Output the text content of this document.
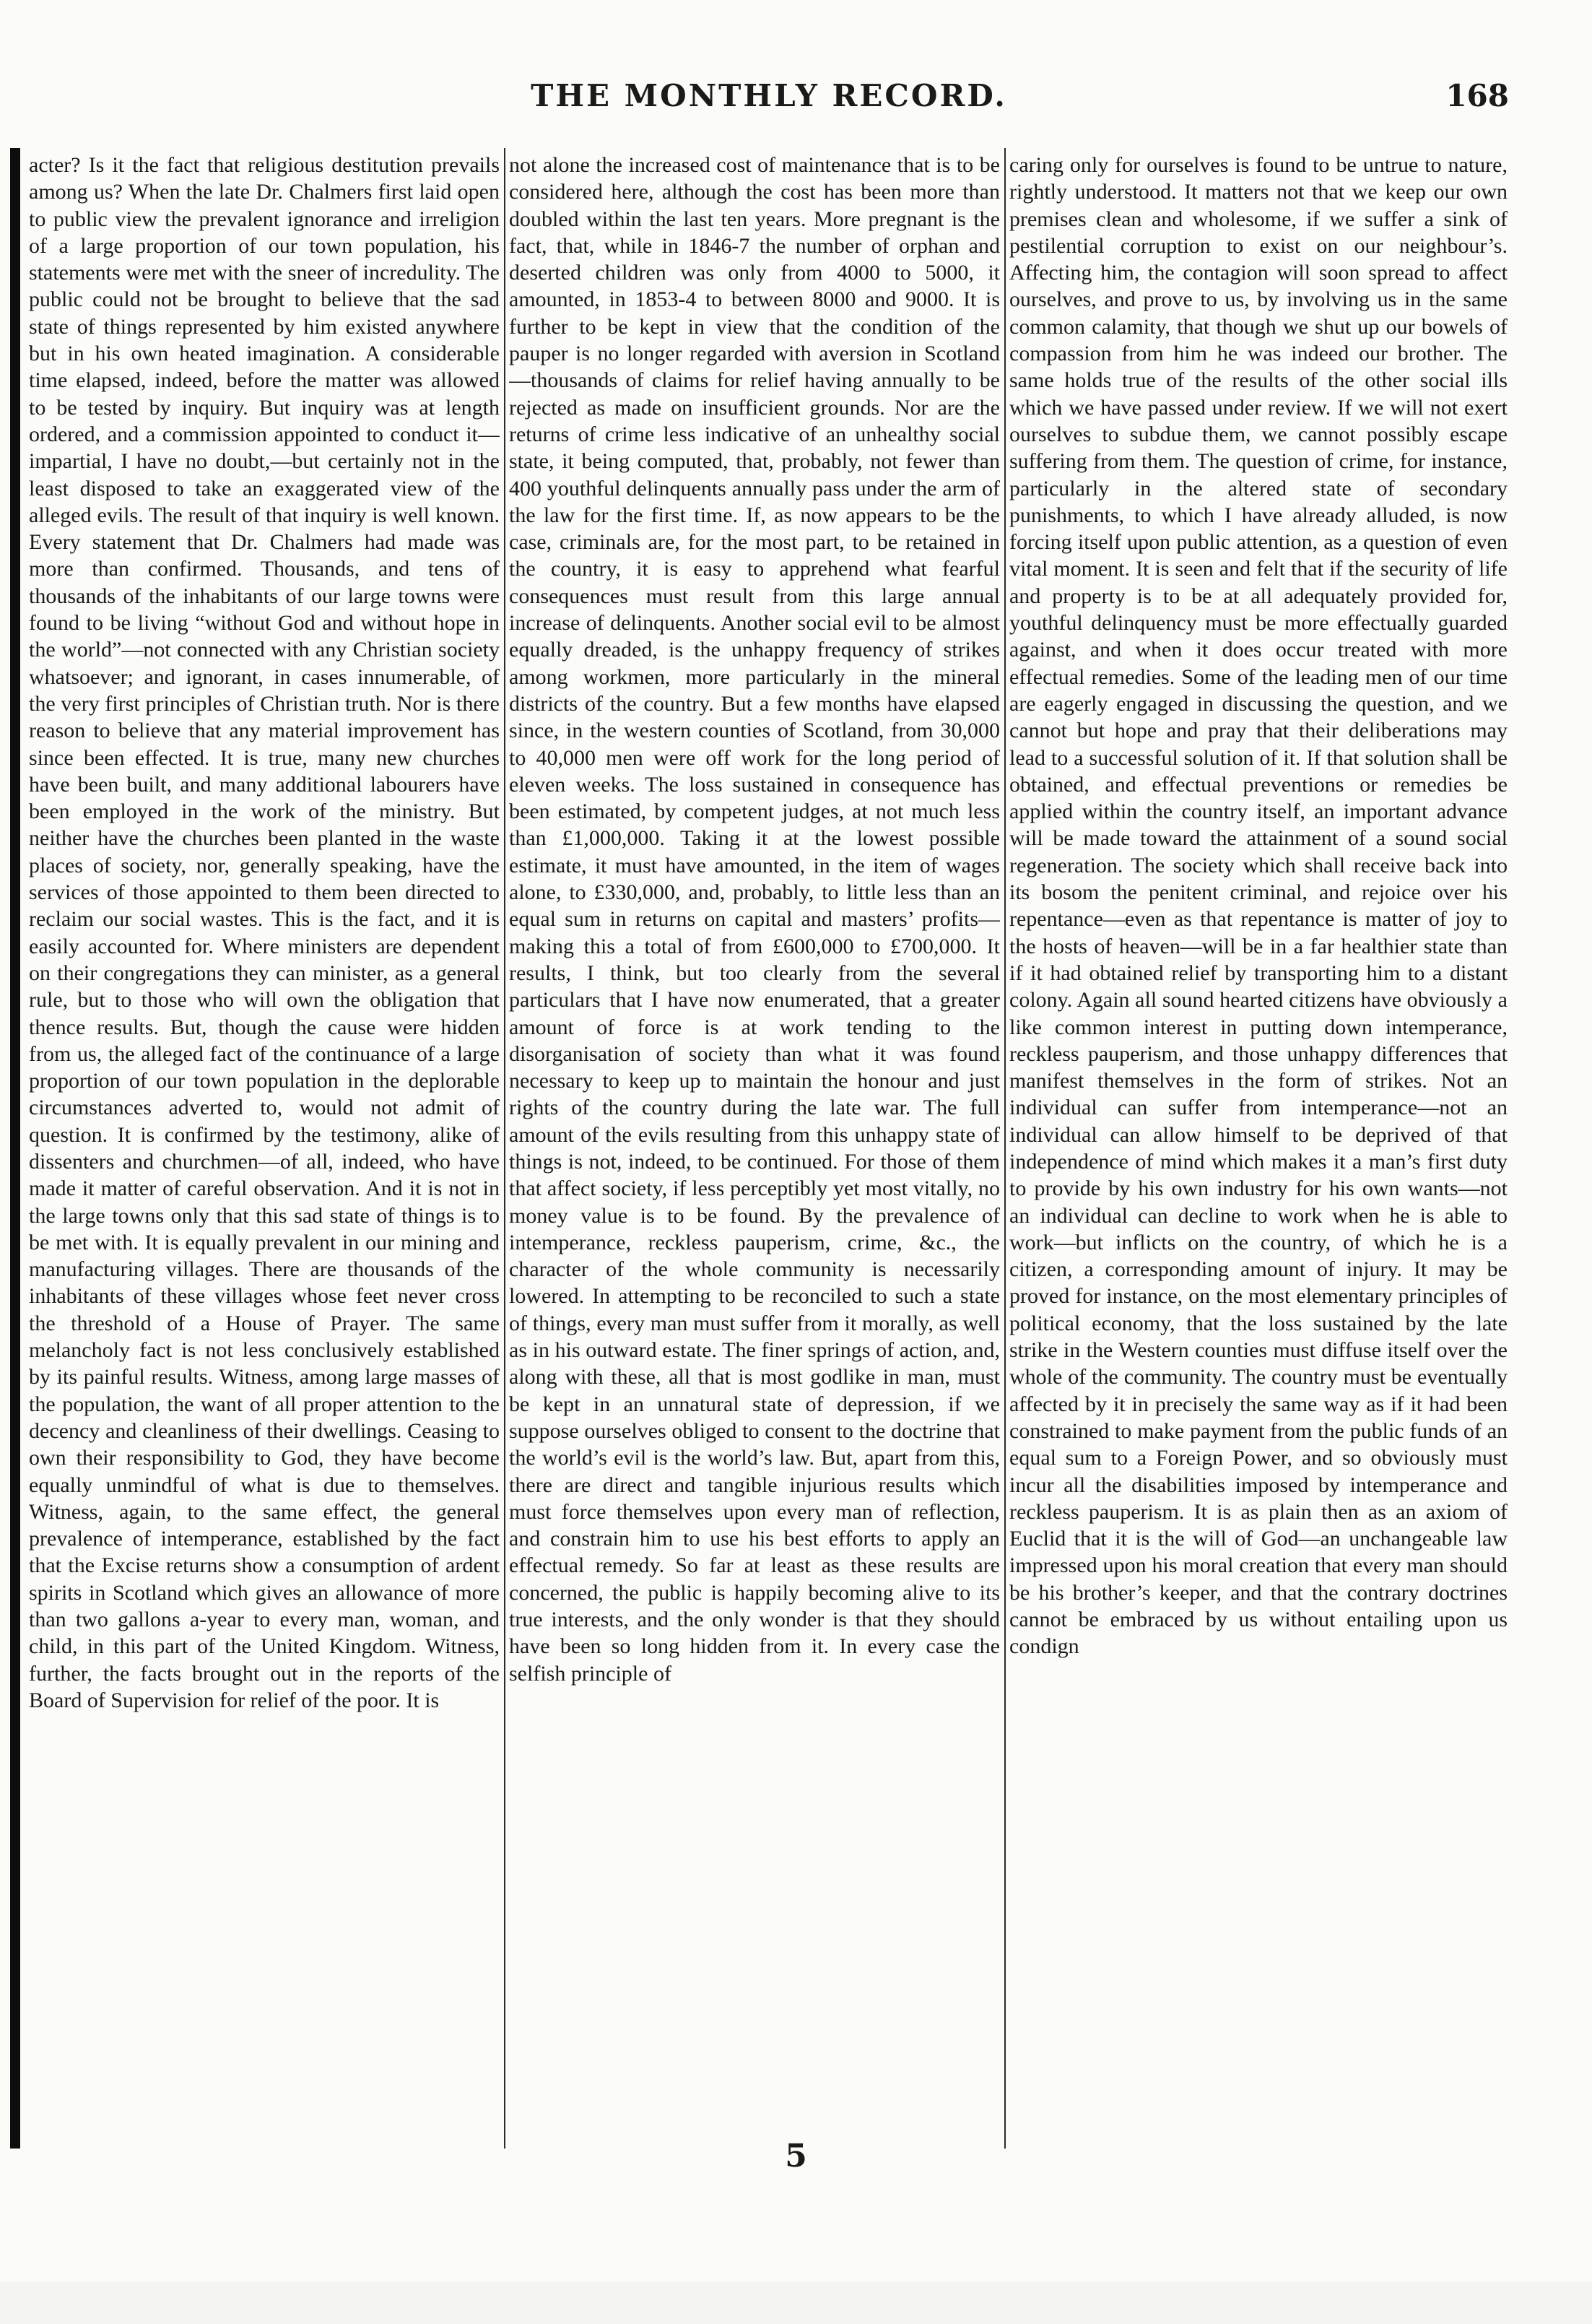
THE MONTHLY RECORD.	168

acter? Is it the fact that religious destitution prevails among us? When the late Dr. Chalmers first laid open to public view the prevalent ignorance and irreligion of a large proportion of our town population, his statements were met with the sneer of incredulity. The public could not be brought to believe that the sad state of things represented by him existed anywhere but in his own heated imagination. A considerable time elapsed, indeed, before the matter was allowed to be tested by inquiry. But inquiry was at length ordered, and a commission appointed to conduct it—impartial, I have no doubt,—but certainly not in the least disposed to take an exaggerated view of the alleged evils. The result of that inquiry is well known. Every statement that Dr. Chalmers had made was more than confirmed. Thousands, and tens of thousands of the inhabitants of our large towns were found to be living “without God and without hope in the world”—not connected with any Christian society whatsoever; and ignorant, in cases innumerable, of the very first principles of Christian truth. Nor is there reason to believe that any material improvement has since been effected. It is true, many new churches have been built, and many additional labourers have been employed in the work of the ministry. But neither have the churches been planted in the waste places of society, nor, generally speaking, have the services of those appointed to them been directed to reclaim our social wastes. This is the fact, and it is easily accounted for. Where ministers are dependent on their congregations they can minister, as a general rule, but to those who will own the obligation that thence results. But, though the cause were hidden from us, the alleged fact of the continuance of a large proportion of our town population in the deplorable circumstances adverted to, would not admit of question. It is confirmed by the testimony, alike of dissenters and churchmen—of all, indeed, who have made it matter of careful observation. And it is not in the large towns only that this sad state of things is to be met with. It is equally prevalent in our mining and manufacturing villages. There are thousands of the inhabitants of these villages whose feet never cross the threshold of a House of Prayer. The same melancholy fact is not less conclusively established by its painful results. Witness, among large masses of the population, the want of all proper attention to the decency and cleanliness of their dwellings. Ceasing to own their responsibility to God, they have become equally unmindful of what is due to themselves. Witness, again, to the same effect, the general prevalence of intemperance, established by the fact that the Excise returns show a consumption of ardent spirits in Scotland which gives an allowance of more than two gallons a-year to every man, woman, and child, in this part of the United Kingdom. Witness, further, the facts brought out in the reports of the Board of Supervision for relief of the poor. It is

not alone the increased cost of maintenance that is to be considered here, although the cost has been more than doubled within the last ten years. More pregnant is the fact, that, while in 1846-7 the number of orphan and deserted children was only from 4000 to 5000, it amounted, in 1853-4 to between 8000 and 9000. It is further to be kept in view that the condition of the pauper is no longer regarded with aversion in Scotland—thousands of claims for relief having annually to be rejected as made on insufficient grounds. Nor are the returns of crime less indicative of an unhealthy social state, it being computed, that, probably, not fewer than 400 youthful delinquents annually pass under the arm of the law for the first time. If, as now appears to be the case, criminals are, for the most part, to be retained in the country, it is easy to apprehend what fearful consequences must result from this large annual increase of delinquents. Another social evil to be almost equally dreaded, is the unhappy frequency of strikes among workmen, more particularly in the mineral districts of the country. But a few months have elapsed since, in the western counties of Scotland, from 30,000 to 40,000 men were off work for the long period of eleven weeks. The loss sustained in consequence has been estimated, by competent judges, at not much less than £1,000,000. Taking it at the lowest possible estimate, it must have amounted, in the item of wages alone, to £330,000, and, probably, to little less than an equal sum in returns on capital and masters’ profits—making this a total of from £600,000 to £700,000. It results, I think, but too clearly from the several particulars that I have now enumerated, that a greater amount of force is at work tending to the disorganisation of society than what it was found necessary to keep up to maintain the honour and just rights of the country during the late war. The full amount of the evils resulting from this unhappy state of things is not, indeed, to be continued. For those of them that affect society, if less perceptibly yet most vitally, no money value is to be found. By the prevalence of intemperance, reckless pauperism, crime, &c., the character of the whole community is necessarily lowered. In attempting to be reconciled to such a state of things, every man must suffer from it morally, as well as in his outward estate. The finer springs of action, and, along with these, all that is most godlike in man, must be kept in an unnatural state of depression, if we suppose ourselves obliged to consent to the doctrine that the world’s evil is the world’s law. But, apart from this, there are direct and tangible injurious results which must force themselves upon every man of reflection, and constrain him to use his best efforts to apply an effectual remedy. So far at least as these results are concerned, the public is happily becoming alive to its true interests, and the only wonder is that they should have been so long hidden from it. In every case the selfish principle of

caring only for ourselves is found to be untrue to nature, rightly understood. It matters not that we keep our own premises clean and wholesome, if we suffer a sink of pestilential corruption to exist on our neighbour’s. Affecting him, the contagion will soon spread to affect ourselves, and prove to us, by involving us in the same common calamity, that though we shut up our bowels of compassion from him he was indeed our brother. The same holds true of the results of the other social ills which we have passed under review. If we will not exert ourselves to subdue them, we cannot possibly escape suffering from them. The question of crime, for instance, particularly in the altered state of secondary punishments, to which I have already alluded, is now forcing itself upon public attention, as a question of even vital moment. It is seen and felt that if the security of life and property is to be at all adequately provided for, youthful delinquency must be more effectually guarded against, and when it does occur treated with more effectual remedies. Some of the leading men of our time are eagerly engaged in discussing the question, and we cannot but hope and pray that their deliberations may lead to a successful solution of it. If that solution shall be obtained, and effectual preventions or remedies be applied within the country itself, an important advance will be made toward the attainment of a sound social regeneration. The society which shall receive back into its bosom the penitent criminal, and rejoice over his repentance—even as that repentance is matter of joy to the hosts of heaven—will be in a far healthier state than if it had obtained relief by transporting him to a distant colony. Again all sound hearted citizens have obviously a like common interest in putting down intemperance, reckless pauperism, and those unhappy differences that manifest themselves in the form of strikes. Not an individual can suffer from intemperance—not an individual can allow himself to be deprived of that independence of mind which makes it a man’s first duty to provide by his own industry for his own wants—not an individual can decline to work when he is able to work—but inflicts on the country, of which he is a citizen, a corresponding amount of injury. It may be proved for instance, on the most elementary principles of political economy, that the loss sustained by the late strike in the Western counties must diffuse itself over the whole of the community. The country must be eventually affected by it in precisely the same way as if it had been constrained to make payment from the public funds of an equal sum to a Foreign Power, and so obviously must incur all the disabilities imposed by intemperance and reckless pauperism. It is as plain then as an axiom of Euclid that it is the will of God—an unchangeable law impressed upon his moral creation that every man should be his brother’s keeper, and that the contrary doctrines cannot be embraced by us without entailing upon us condign

5
